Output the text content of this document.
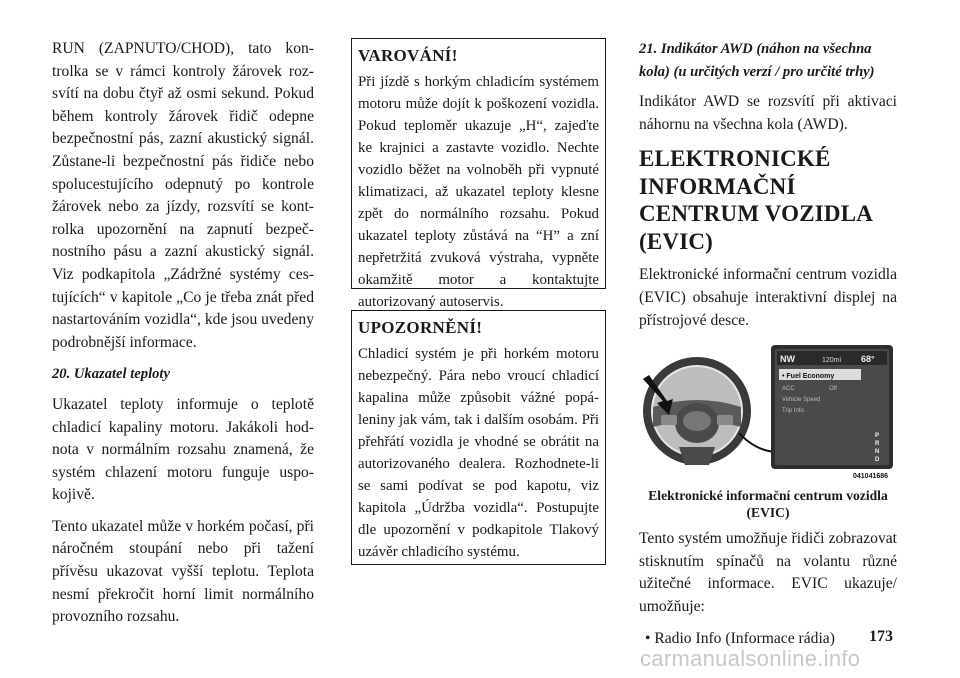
RUN (ZAPNUTO/CHOD), tato kontrolka se v rámci kontroly žárovek rozsvítí na dobu čtyř až osmi sekund. Pokud během kontroly žárovek řidič odepne bezpečnostní pás, zazní akustický signál. Zůstane-li bezpečnostní pás řidiče nebo spolucestujícího odepnutý po kontrole žárovek nebo za jízdy, rozsvítí se kontrolka upozornění na zapnutí bezpečnostního pásu a zazní akustický signál. Viz podkapitola „Zádržné systémy cestujících“ v kapitole „Co je třeba znát před nastartováním vozidla“, kde jsou uvedeny podrobnější informace.

20. Ukazatel teploty

Ukazatel teploty informuje o teplotě chladicí kapaliny motoru. Jakákoli hodnota v normálním rozsahu znamená, že systém chlazení motoru funguje uspokojivě.

Tento ukazatel může v horkém počasí, při náročném stoupání nebo při tažení přívěsu ukazovat vyšší teplotu. Teplota nesmí překročit horní limit normálního provozního rozsahu.

VAROVÁNÍ!

Při jízdě s horkým chladicím systémem motoru může dojít k poškození vozidla. Pokud teploměr ukazuje „H“, zajeďte ke krajnici a zastavte vozidlo. Nechte vozidlo běžet na volnoběh při vypnuté klimatizaci, až ukazatel teploty klesne zpět do normálního rozsahu. Pokud ukazatel teploty zůstává na “H” a zní nepřetržitá zvuková výstraha, vypněte okamžitě motor a kontaktujte autorizovaný autoservis.

UPOZORNĚNÍ!

Chladicí systém je při horkém motoru nebezpečný. Pára nebo vroucí chladicí kapalina může způsobit vážné popáleniny jak vám, tak i dalším osobám. Při přehřátí vozidla je vhodné se obrátit na autorizovaného dealera. Rozhodnete-li se sami podívat se pod kapotu, viz kapitola „Údržba vozidla“. Postupujte dle upozornění v podkapitole Tlakový uzávěr chladicího systému.

21. Indikátor AWD (náhon na všechna kola) (u určitých verzí / pro určité trhy)

Indikátor AWD se rozsvítí při aktivaci náhornu na všechna kola (AWD).

ELEKTRONICKÉ INFORMAČNÍ CENTRUM VOZIDLA (EVIC)

Elektronické informační centrum vozidla (EVIC) obsahuje interaktivní displej na přístrojové desce.

NW	120mi 68°
• Fuel Economy
ACC	Off
Vehicle Speed
Trip Info
P
R
N
D
041041686

Elektronické informační centrum vozidla (EVIC)

Tento systém umožňuje řidiči zobrazovat stisknutím spínačů na volantu různé užitečné informace. EVIC ukazuje/ umožňuje:

• Radio Info (Informace rádia)	173
carmanualsonline.info
